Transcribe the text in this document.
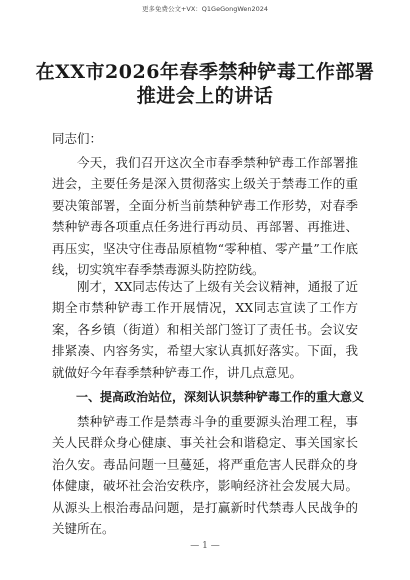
更多免费公文+VX：Q1GeGongWen2024
在XX市2026年春季禁种铲毒工作部署推进会上的讲话
同志们：
今天，我们召开这次全市春季禁种铲毒工作部署推进会，主要任务是深入贯彻落实上级关于禁毒工作的重要决策部署，全面分析当前禁种铲毒工作形势，对春季禁种铲毒各项重点任务进行再动员、再部署、再推进、再压实，坚决守住毒品原植物“零种植、零产量”工作底线，切实筑牢春季禁毒源头防控防线。
刚才，XX同志传达了上级有关会议精神，通报了近期全市禁种铲毒工作开展情况，XX同志宣读了工作方案，各乡镇（街道）和相关部门签订了责任书。会议安排紧凑、内容务实，希望大家认真抓好落实。下面，我就做好今年春季禁种铲毒工作，讲几点意见。
一、提高政治站位，深刻认识禁种铲毒工作的重大意义
禁种铲毒工作是禁毒斗争的重要源头治理工程，事关人民群众身心健康、事关社会和谐稳定、事关国家长治久安。毒品问题一旦蔓延，将严重危害人民群众的身体健康，破坏社会治安秩序，影响经济社会发展大局。从源头上根治毒品问题，是打赢新时代禁毒人民战争的关键所在。
— 1 —
